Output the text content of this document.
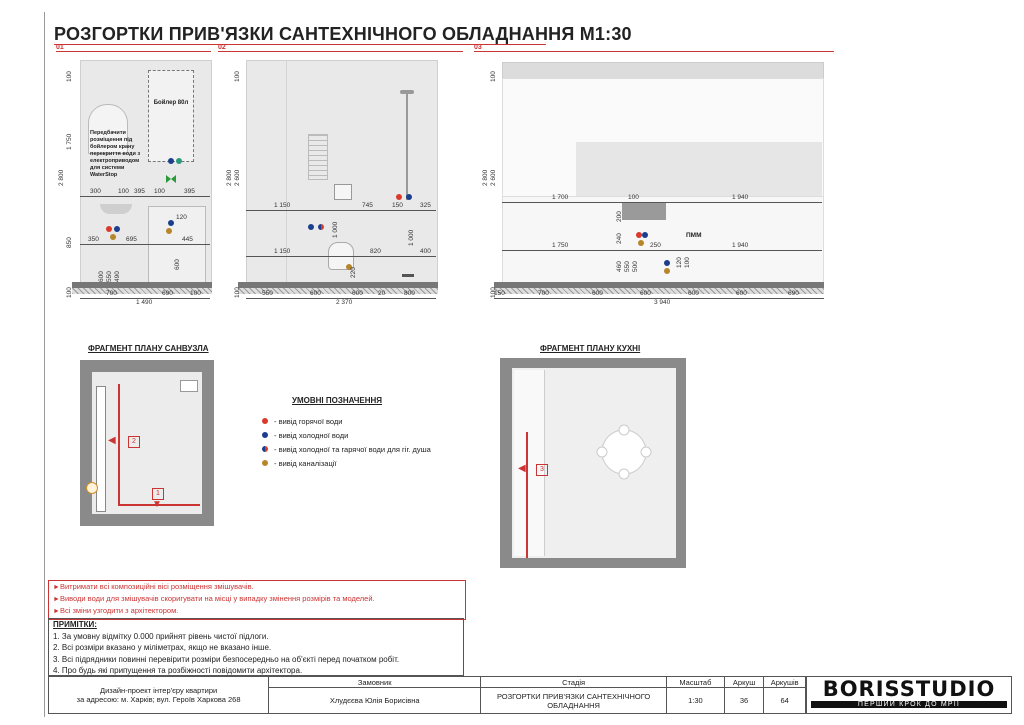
РОЗГОРТКИ ПРИВ'ЯЗКИ САНТЕХНІЧНОГО ОБЛАДНАННЯ М1:30
01	02	03
Бойлер 80л
Передбачити розміщення під бойлером крану перекриття води з електроприводом для системи WaterStop
300	100 395 100	395
350	695	445
120
600 550 490
600
700	690	100
1 490
100
1 750
2 800
850
100
1 150	745	150	325
1 150	820	400
1 000	1 000
220
550	600	600 20	800
2 370
100
2 800 2 600
100
ПММ
1 700	100	1 940
1 750	250	1 940
200
240
460 550 500	120 100
150	700	600	600	600	600	690
3 940
100
2 800 2 600
100
ФРАГМЕНТ ПЛАНУ САНВУЗЛА
2
◀
1
▼
УМОВНІ ПОЗНАЧЕННЯ
- вивід горячої води
- вивід холодної води
- вивід холодної та гарячої води для гіг. душа
- вивід каналізації
ФРАГМЕНТ ПЛАНУ КУХНІ
3
◀
►Витримати всі композиційні вісі розміщення змішувачів.
►Виводи води для змішувачів скоригувати на місці у випадку змінення розмірів та моделей.
►Всі зміни узгодити з архітектором.
ПРИМІТКИ:
1. За умовну відмітку 0.000 прийнят рівень чистої підлоги.
2. Всі розміри вказано у міліметрах, якщо не вказано інше.
3. Всі підрядники повинні перевірити розміри безпосередньо на об'єкті перед початком робіт.
4. Про будь які припущення та розбіжності повідомити архітектора.
Дизайн-проект інтер'єру квартири
за адресою: м. Харків; вул. Героїв Харкова 268	Замовник	Стадія	Масштаб	Аркуш	Аркушів
	Хлудєєва Юлія Борисівна	РОЗГОРТКИ ПРИВ'ЯЗКИ САНТЕХНІЧНОГО
ОБЛАДНАННЯ	1:30	36	64	BORISSTUDIO
ПЕРШИЙ КРОК ДО МРІЇ
